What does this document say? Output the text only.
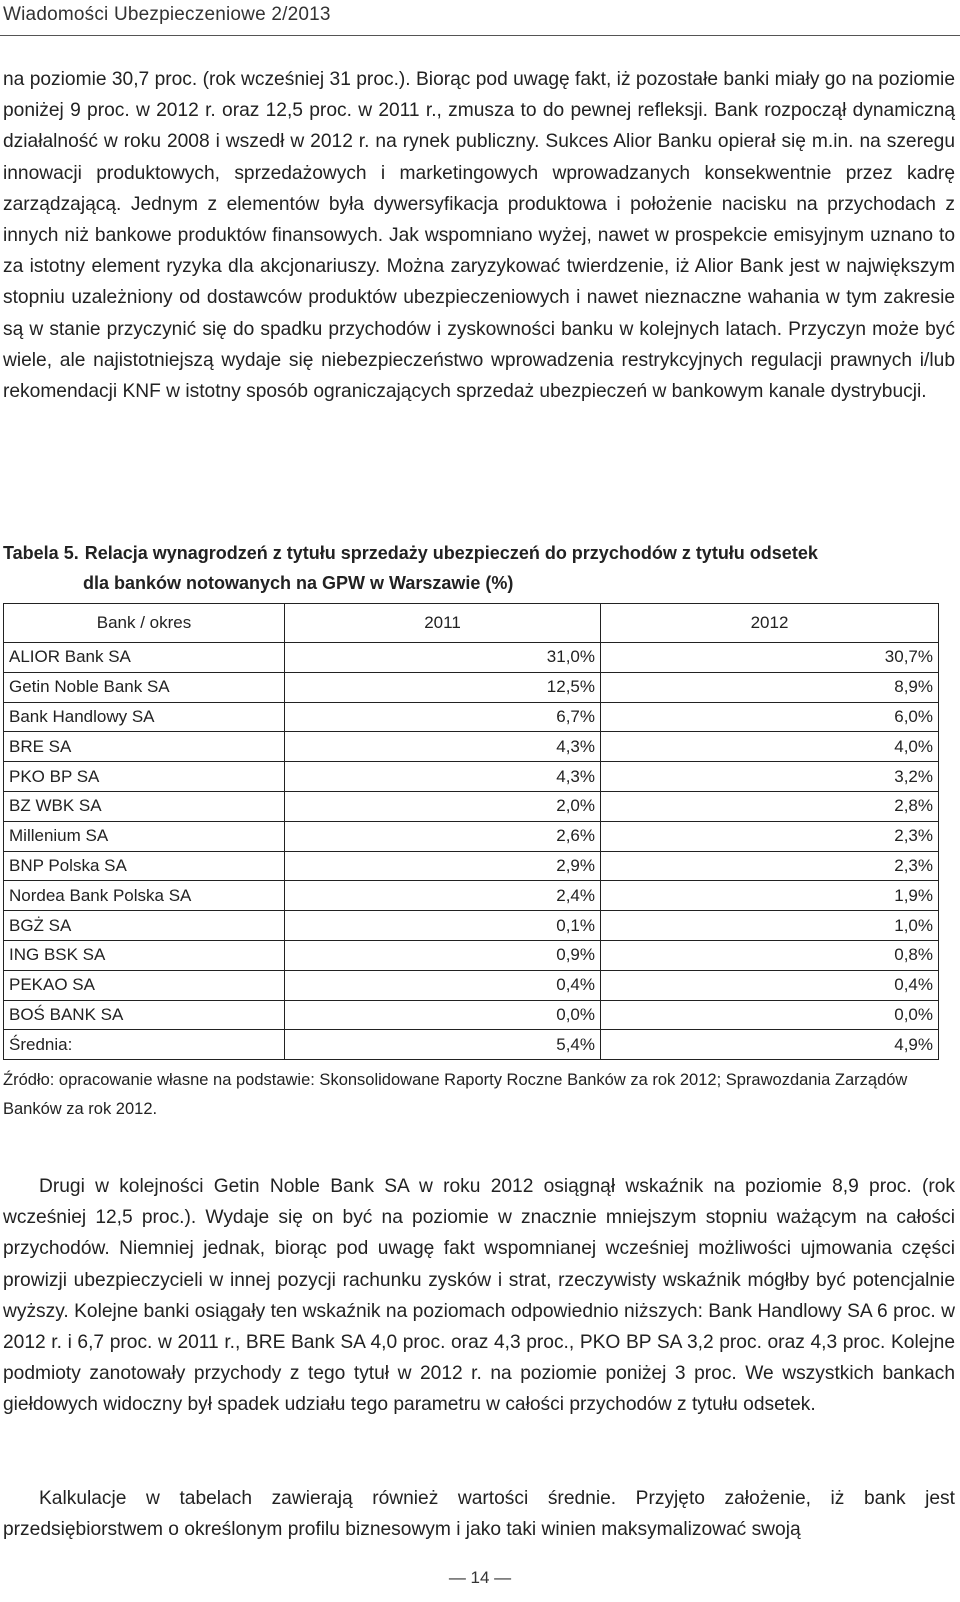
Wiadomości Ubezpieczeniowe 2/2013

na poziomie 30,7 proc. (rok wcześniej 31 proc.). Biorąc pod uwagę fakt, iż pozostałe banki miały go na poziomie poniżej 9 proc. w 2012 r. oraz 12,5 proc. w 2011 r., zmusza to do pewnej refleksji. Bank rozpoczął dynamiczną działalność w roku 2008 i wszedł w 2012 r. na rynek publiczny. Sukces Alior Banku opierał się m.in. na szeregu innowacji produktowych, sprzedażowych i marketingowych wprowadzanych konsekwentnie przez kadrę zarządzającą. Jednym z elementów była dywersyfikacja produktowa i położenie nacisku na przychodach z innych niż bankowe produktów finansowych. Jak wspomniano wyżej, nawet w prospekcie emisyjnym uznano to za istotny element ryzyka dla akcjonariuszy. Można zaryzykować twierdzenie, iż Alior Bank jest w największym stopniu uzależniony od dostawców produktów ubezpieczeniowych i nawet nieznaczne wahania w tym zakresie są w stanie przyczynić się do spadku przychodów i zyskowności banku w kolejnych latach. Przyczyn może być wiele, ale najistotniejszą wydaje się niebezpieczeństwo wprowadzenia restrykcyjnych regulacji prawnych i/lub rekomendacji KNF w istotny sposób ograniczających sprzedaż ubezpieczeń w bankowym kanale dystrybucji.

Tabela 5. Relacja wynagrodzeń z tytułu sprzedaży ubezpieczeń do przychodów z tytułu odsetek
dla banków notowanych na GPW w Warszawie (%)
Bank / okres	2011	2012
ALIOR Bank SA	31,0%	30,7%
Getin Noble Bank SA	12,5%	8,9%
Bank Handlowy SA	6,7%	6,0%
BRE SA	4,3%	4,0%
PKO BP SA	4,3%	3,2%
BZ WBK SA	2,0%	2,8%
Millenium SA	2,6%	2,3%
BNP Polska SA	2,9%	2,3%
Nordea Bank Polska SA	2,4%	1,9%
BGŻ SA	0,1%	1,0%
ING BSK SA	0,9%	0,8%
PEKAO SA	0,4%	0,4%
BOŚ BANK SA	0,0%	0,0%
Średnia:	5,4%	4,9%
Źródło: opracowanie własne na podstawie: Skonsolidowane Raporty Roczne Banków za rok 2012; Sprawozdania Zarządów Banków za rok 2012.

Drugi w kolejności Getin Noble Bank SA w roku 2012 osiągnął wskaźnik na poziomie 8,9 proc. (rok wcześniej 12,5 proc.). Wydaje się on być na poziomie w znacznie mniejszym stopniu ważącym na całości przychodów. Niemniej jednak, biorąc pod uwagę fakt wspomnianej wcześniej możliwości ujmowania części prowizji ubezpieczycieli w innej pozycji rachunku zysków i strat, rzeczywisty wskaźnik mógłby być potencjalnie wyższy. Kolejne banki osiągały ten wskaźnik na poziomach odpowiednio niższych: Bank Handlowy SA 6 proc. w 2012 r. i 6,7 proc. w 2011 r., BRE Bank SA 4,0 proc. oraz 4,3 proc., PKO BP SA 3,2 proc. oraz 4,3 proc. Kolejne podmioty zanotowały przychody z tego tytuł w 2012 r. na poziomie poniżej 3 proc. We wszystkich bankach giełdowych widoczny był spadek udziału tego parametru w całości przychodów z tytułu odsetek.

Kalkulacje w tabelach zawierają również wartości średnie. Przyjęto założenie, iż bank jest przedsiębiorstwem o określonym profilu biznesowym i jako taki winien maksymalizować swoją

— 14 —
